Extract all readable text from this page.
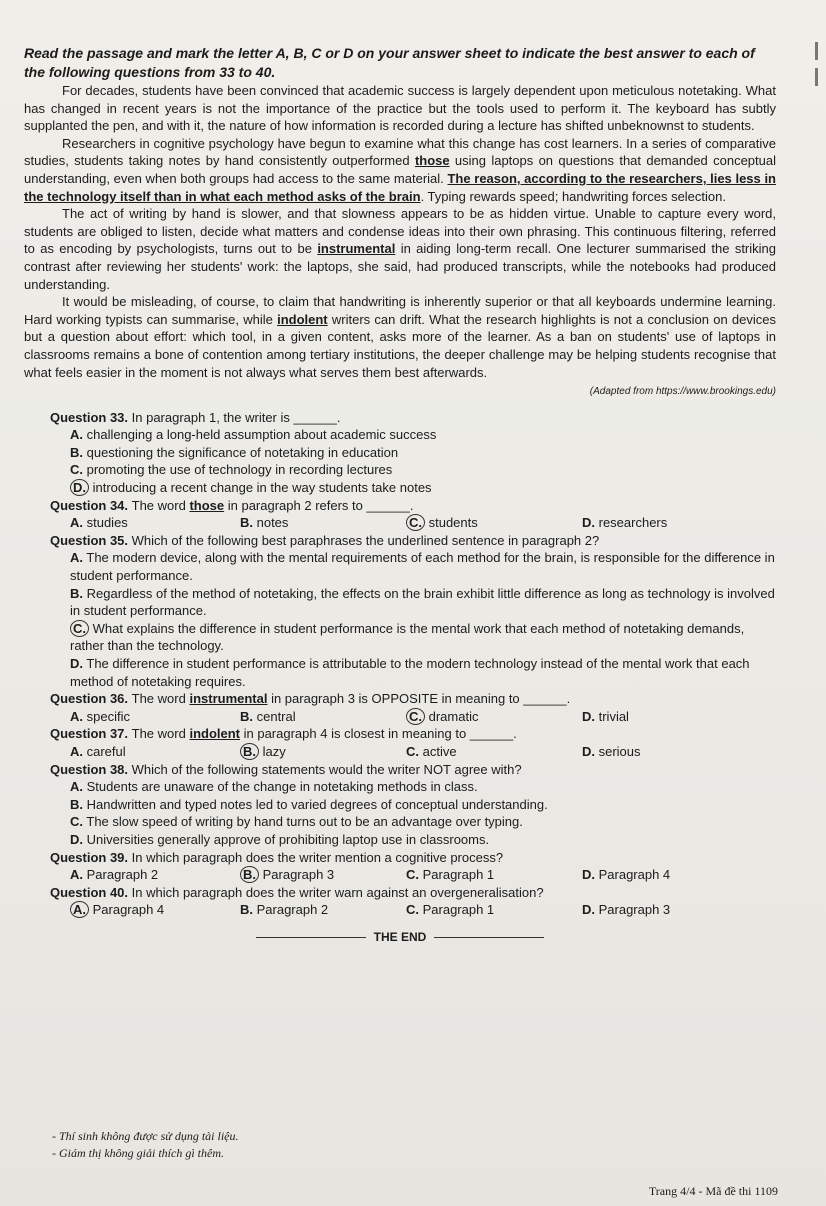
Read the passage and mark the letter A, B, C or D on your answer sheet to indicate the best answer to each of the following questions from 33 to 40.

For decades, students have been convinced that academic success is largely dependent upon meticulous notetaking. What has changed in recent years is not the importance of the practice but the tools used to perform it. The keyboard has subtly supplanted the pen, and with it, the nature of how information is recorded during a lecture has shifted unbeknownst to students.

Researchers in cognitive psychology have begun to examine what this change has cost learners. In a series of comparative studies, students taking notes by hand consistently outperformed those using laptops on questions that demanded conceptual understanding, even when both groups had access to the same material. The reason, according to the researchers, lies less in the technology itself than in what each method asks of the brain. Typing rewards speed; handwriting forces selection.

The act of writing by hand is slower, and that slowness appears to be as hidden virtue. Unable to capture every word, students are obliged to listen, decide what matters and condense ideas into their own phrasing. This continuous filtering, referred to as encoding by psychologists, turns out to be instrumental in aiding long-term recall. One lecturer summarised the striking contrast after reviewing her students' work: the laptops, she said, had produced transcripts, while the notebooks had produced understanding.

It would be misleading, of course, to claim that handwriting is inherently superior or that all keyboards undermine learning. Hard working typists can summarise, while indolent writers can drift. What the research highlights is not a conclusion on devices but a question about effort: which tool, in a given content, asks more of the learner. As a ban on students' use of laptops in classrooms remains a bone of contention among tertiary institutions, the deeper challenge may be helping students recognise that what feels easier in the moment is not always what serves them best afterwards.

(Adapted from https://www.brookings.edu)
Question 33. In paragraph 1, the writer is ______.
A. challenging a long-held assumption about academic success
B. questioning the significance of notetaking in education
C. promoting the use of technology in recording lectures
D. introducing a recent change in the way students take notes
Question 34. The word those in paragraph 2 refers to ______.
A. studies	B. notes	C. students	D. researchers
Question 35. Which of the following best paraphrases the underlined sentence in paragraph 2?
A. The modern device, along with the mental requirements of each method for the brain, is responsible for the difference in student performance.
B. Regardless of the method of notetaking, the effects on the brain exhibit little difference as long as technology is involved in student performance.
C. What explains the difference in student performance is the mental work that each method of notetaking demands, rather than the technology.
D. The difference in student performance is attributable to the modern technology instead of the mental work that each method of notetaking requires.
Question 36. The word instrumental in paragraph 3 is OPPOSITE in meaning to ______.
A. specific	B. central	C. dramatic	D. trivial
Question 37. The word indolent in paragraph 4 is closest in meaning to ______.
A. careful	B. lazy	C. active	D. serious
Question 38. Which of the following statements would the writer NOT agree with?
A. Students are unaware of the change in notetaking methods in class.
B. Handwritten and typed notes led to varied degrees of conceptual understanding.
C. The slow speed of writing by hand turns out to be an advantage over typing.
D. Universities generally approve of prohibiting laptop use in classrooms.
Question 39. In which paragraph does the writer mention a cognitive process?
A. Paragraph 2	B. Paragraph 3	C. Paragraph 1	D. Paragraph 4
Question 40. In which paragraph does the writer warn against an overgeneralisation?
A. Paragraph 4	B. Paragraph 2	C. Paragraph 1	D. Paragraph 3
THE END
- Thí sinh không được sử dụng tài liệu.
- Giám thị không giải thích gì thêm.
Trang 4/4 - Mã đề thi 1109
